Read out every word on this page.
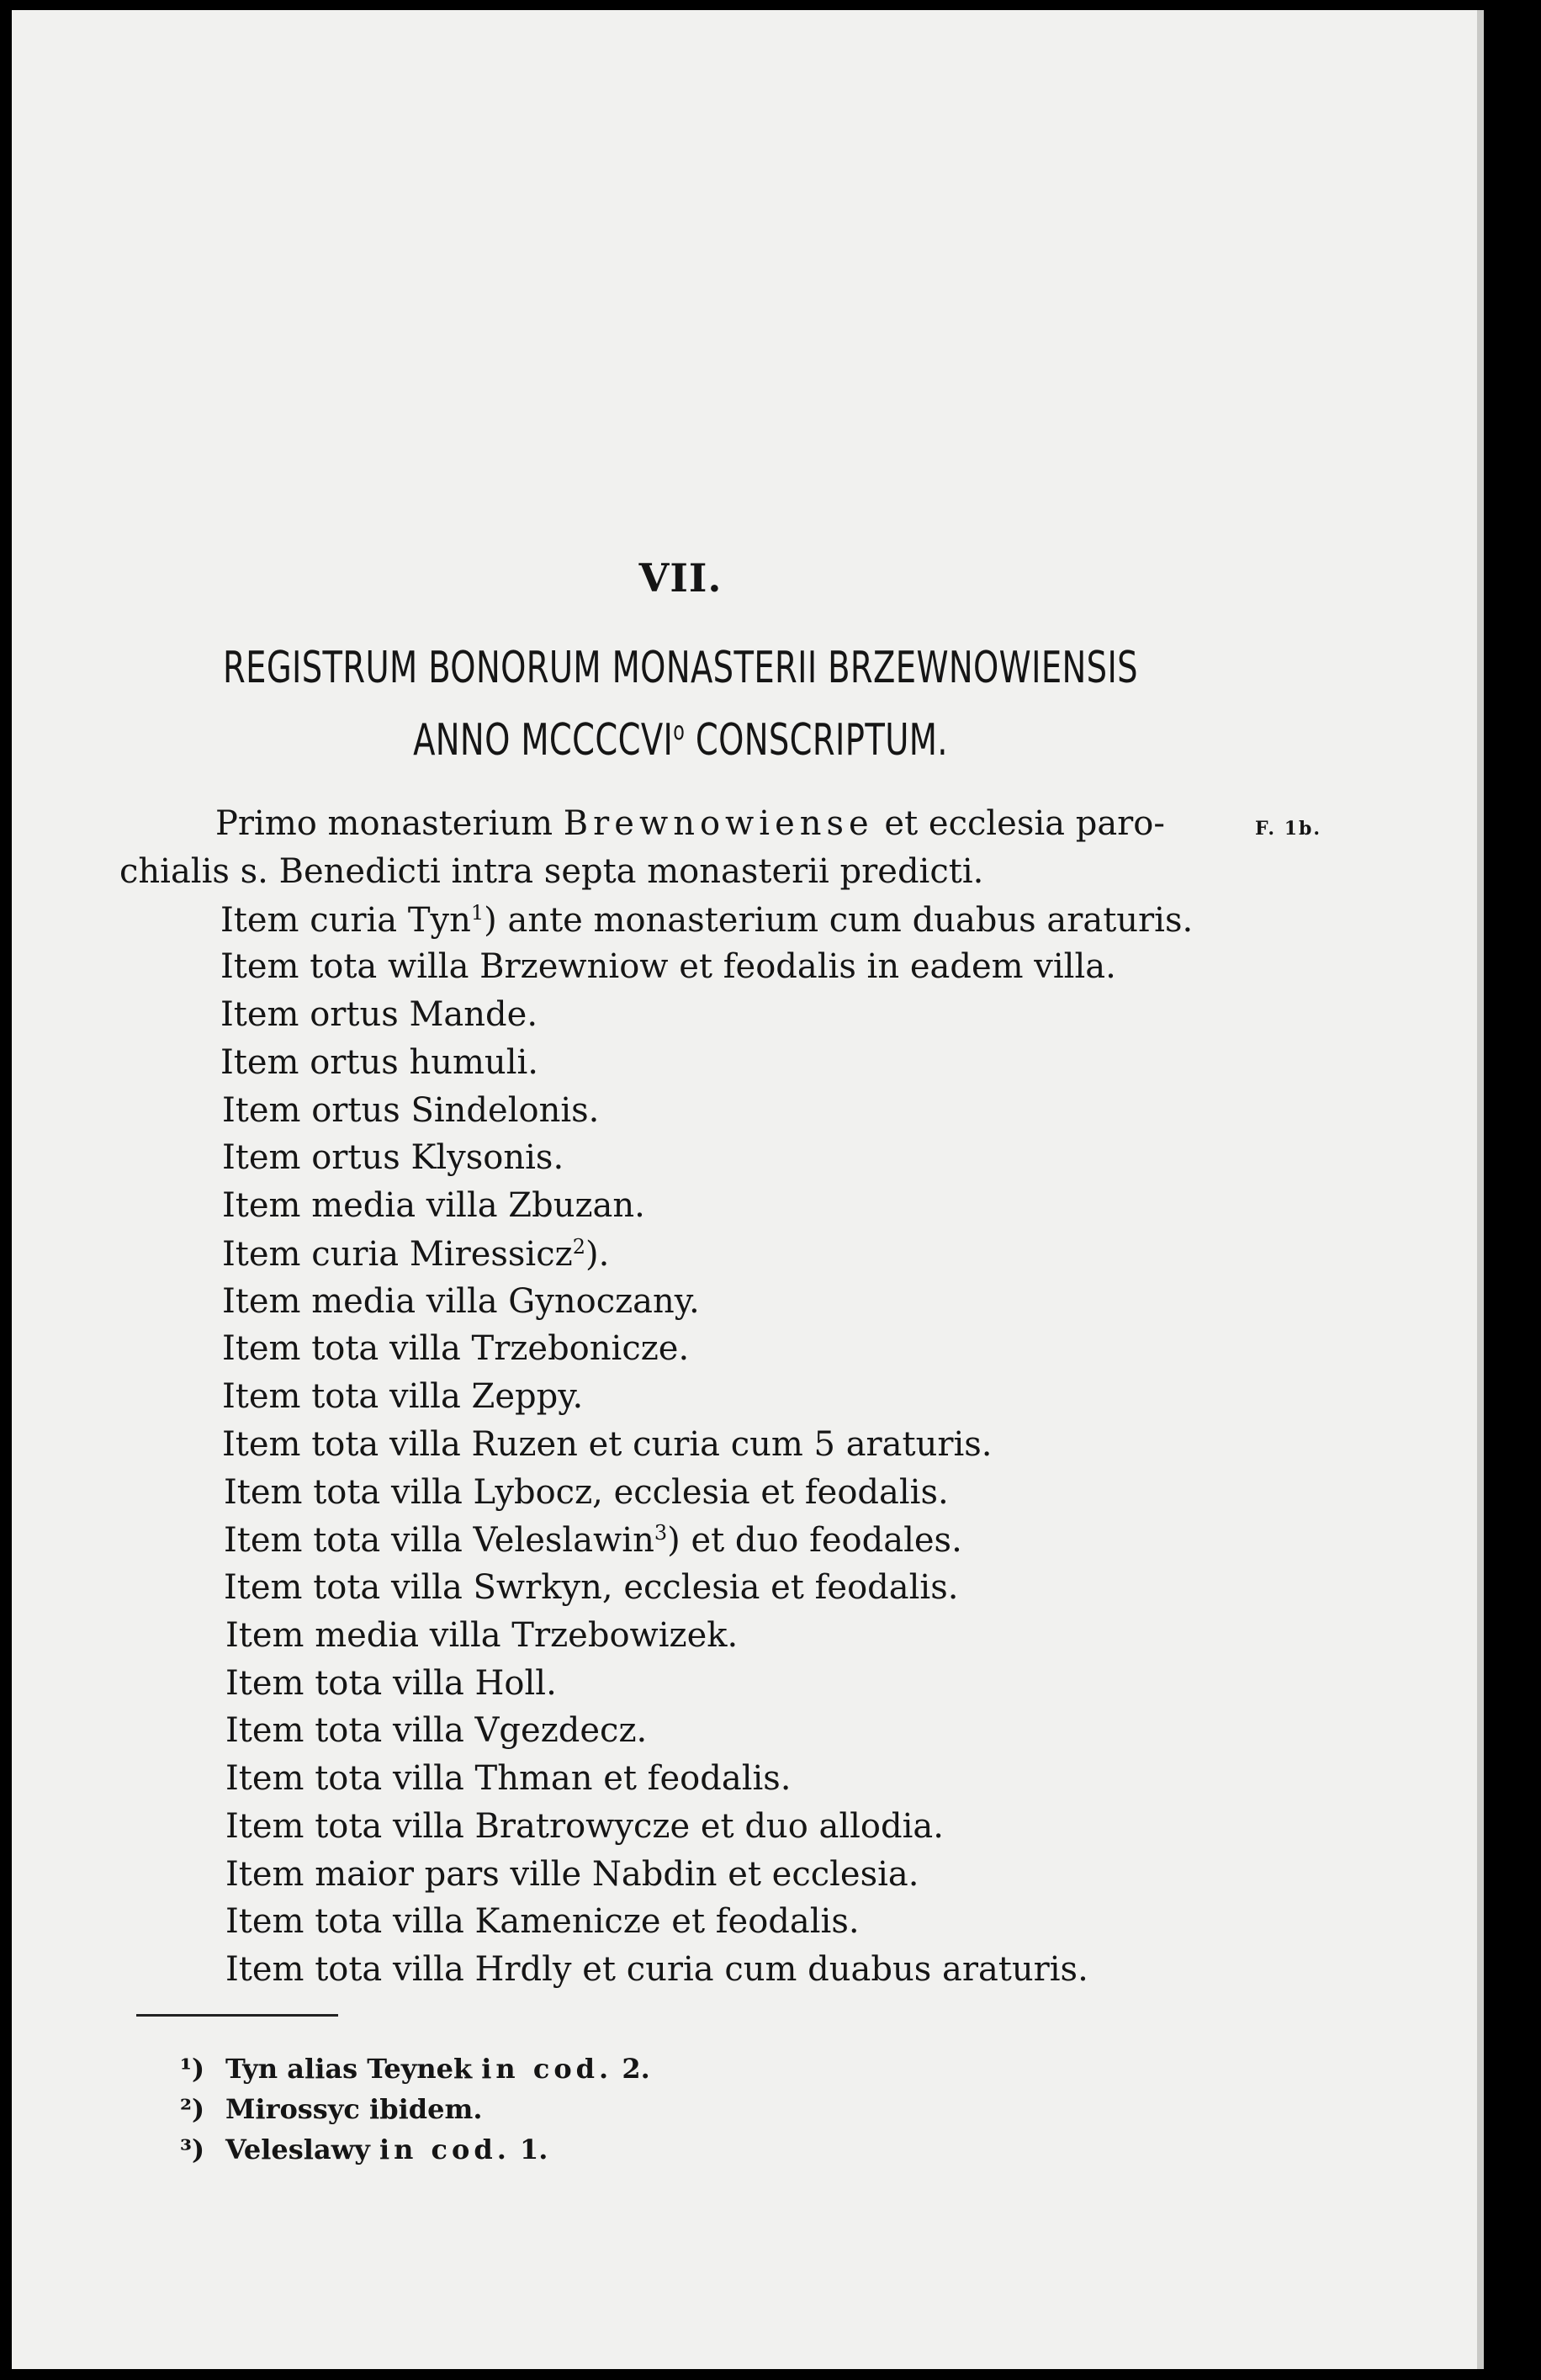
VII.
REGISTRUM BONORUM MONASTERII BRZEWNOWIENSIS
ANNO MCCCCVI$^o$ CONSCRIPTUM.
F. 1b.
Primo monasterium Brewnowiense et ecclesia paro-
chialis s. Benedicti intra septa monasterii predicti.
Item curia Tyn$^1$) ante monasterium cum duabus araturis.
Item tota willa Brzewniow et feodalis in eadem villa.
Item ortus Mande.
Item ortus humuli.
Item ortus Sindelonis.
Item ortus Klysonis.
Item media villa Zbuzan.
Item curia Miressicz$^2$).
Item media villa Gynoczany.
Item tota villa Trzebonicze.
Item tota villa Zeppy.
Item tota villa Ruzen et curia cum 5 araturis.
Item tota villa Lybocz, ecclesia et feodalis.
Item tota villa Veleslawin$^3$) et duo feodales.
Item tota villa Swrkyn, ecclesia et feodalis.
Item media villa Trzebowizek.
Item tota villa Holl.
Item tota villa Vgezdecz.
Item tota villa Thman et feodalis.
Item tota villa Bratrowycze et duo allodia.
Item maior pars ville Nabdin et ecclesia.
Item tota villa Kamenicze et feodalis.
Item tota villa Hrdly et curia cum duabus araturis.
¹) Tyn alias Teynek in cod. 2.
²) Mirossyc ibidem.
³) Veleslawy in cod. 1.
